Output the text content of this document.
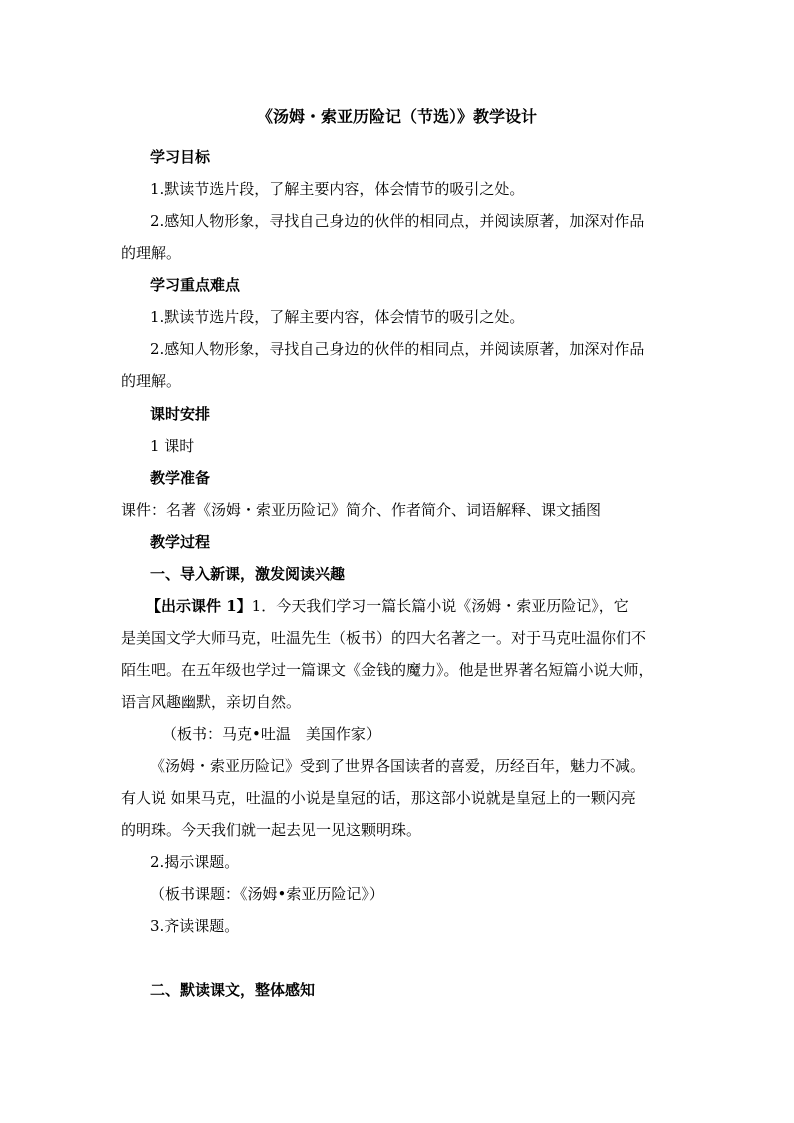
《汤姆・索亚历险记（节选）》教学设计
学习目标
1.默读节选片段，了解主要内容，体会情节的吸引之处。
2.感知人物形象，寻找自己身边的伙伴的相同点，并阅读原著，加深对作品
的理解。
学习重点难点
1.默读节选片段，了解主要内容，体会情节的吸引之处。
2.感知人物形象，寻找自己身边的伙伴的相同点，并阅读原著，加深对作品
的理解。
课时安排
1 课时
教学准备
课件：名著《汤姆・索亚历险记》简介、作者简介、词语解释、课文插图
教学过程
一、导入新课，激发阅读兴趣
【出示课件 1】1．今天我们学习一篇长篇小说《汤姆・索亚历险记》，它
是美国文学大师马克，吐温先生（板书）的四大名著之一。对于马克吐温你们不
陌生吧。在五年级也学过一篇课文《金钱的魔力》。他是世界著名短篇小说大师，
语言风趣幽默，亲切自然。
（板书：马克•吐温　美国作家）
《汤姆・索亚历险记》受到了世界各国读者的喜爱，历经百年，魅力不减。
有人说 如果马克，吐温的小说是皇冠的话，那这部小说就是皇冠上的一颗闪亮
的明珠。今天我们就一起去见一见这颗明珠。
2.揭示课题。
（板书课题：《汤姆•索亚历险记》）
3.齐读课题。
二、默读课文，整体感知
